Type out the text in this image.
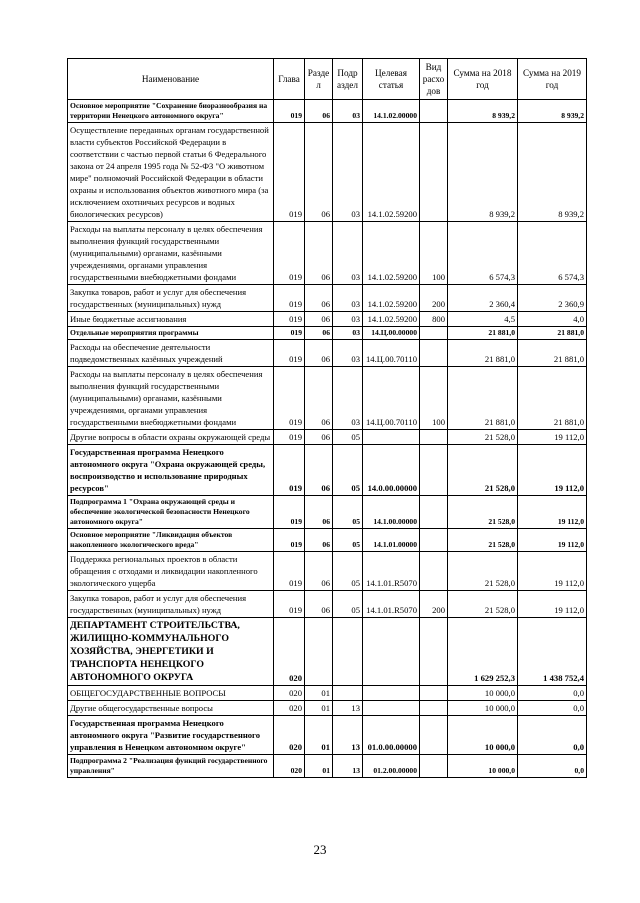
Наименование	Глава	Разде л	Подр аздел	Целевая статья	Вид расхо дов	Сумма на 2018 год	Сумма на 2019 год
Основное мероприятие "Сохранение биоразнообразия на территории Ненецкого автономного округа"	019	06	03	14.1.02.00000		8 939,2	8 939,2
Осуществление переданных органам государственной власти субъектов Российской Федерации в соответствии с частью первой статьи 6 Федерального закона от 24 апреля 1995 года № 52-ФЗ "О животном мире" полномочий Российской Федерации в области охраны и использования объектов животного мира (за исключением охотничьих ресурсов и водных биологических ресурсов)	019	06	03	14.1.02.59200		8 939,2	8 939,2
Расходы на выплаты персоналу в целях обеспечения выполнения функций государственными (муниципальными) органами, казёнными учреждениями, органами управления государственными внебюджетными фондами	019	06	03	14.1.02.59200	100	6 574,3	6 574,3
Закупка товаров, работ и услуг для обеспечения государственных (муниципальных) нужд	019	06	03	14.1.02.59200	200	2 360,4	2 360,9
Иные бюджетные ассигнования	019	06	03	14.1.02.59200	800	4,5	4,0
Отдельные мероприятия программы	019	06	03	14.Ц.00.00000		21 881,0	21 881,0
Расходы на обеспечение деятельности подведомственных казённых учреждений	019	06	03	14.Ц.00.70110		21 881,0	21 881,0
Расходы на выплаты персоналу в целях обеспечения выполнения функций государственными (муниципальными) органами, казёнными учреждениями, органами управления государственными внебюджетными фондами	019	06	03	14.Ц.00.70110	100	21 881,0	21 881,0
Другие вопросы в области охраны окружающей среды	019	06	05			21 528,0	19 112,0
Государственная программа Ненецкого автономного округа "Охрана окружающей среды, воспроизводство и использование природных ресурсов"	019	06	05	14.0.00.00000		21 528,0	19 112,0
Подпрограмма 1 "Охрана окружающей среды и обеспечение экологической безопасности Ненецкого автономного округа"	019	06	05	14.1.00.00000		21 528,0	19 112,0
Основное мероприятие "Ликвидация объектов накопленного экологического вреда"	019	06	05	14.1.01.00000		21 528,0	19 112,0
Поддержка региональных проектов в области обращения с отходами и ликвидации накопленного экологического ущерба	019	06	05	14.1.01.R5070		21 528,0	19 112,0
Закупка товаров, работ и услуг для обеспечения государственных (муниципальных) нужд	019	06	05	14.1.01.R5070	200	21 528,0	19 112,0
ДЕПАРТАМЕНТ СТРОИТЕЛЬСТВА, ЖИЛИЩНО-КОММУНАЛЬНОГО ХОЗЯЙСТВА, ЭНЕРГЕТИКИ И ТРАНСПОРТА НЕНЕЦКОГО АВТОНОМНОГО ОКРУГА	020					1 629 252,3	1 438 752,4
ОБЩЕГОСУДАРСТВЕННЫЕ ВОПРОСЫ	020	01				10 000,0	0,0
Другие общегосударственные вопросы	020	01	13			10 000,0	0,0
Государственная программа Ненецкого автономного округа "Развитие государственного управления в Ненецком автономном округе"	020	01	13	01.0.00.00000		10 000,0	0,0
Подпрограмма 2 "Реализация функций государственного управления"	020	01	13	01.2.00.00000		10 000,0	0,0
23
